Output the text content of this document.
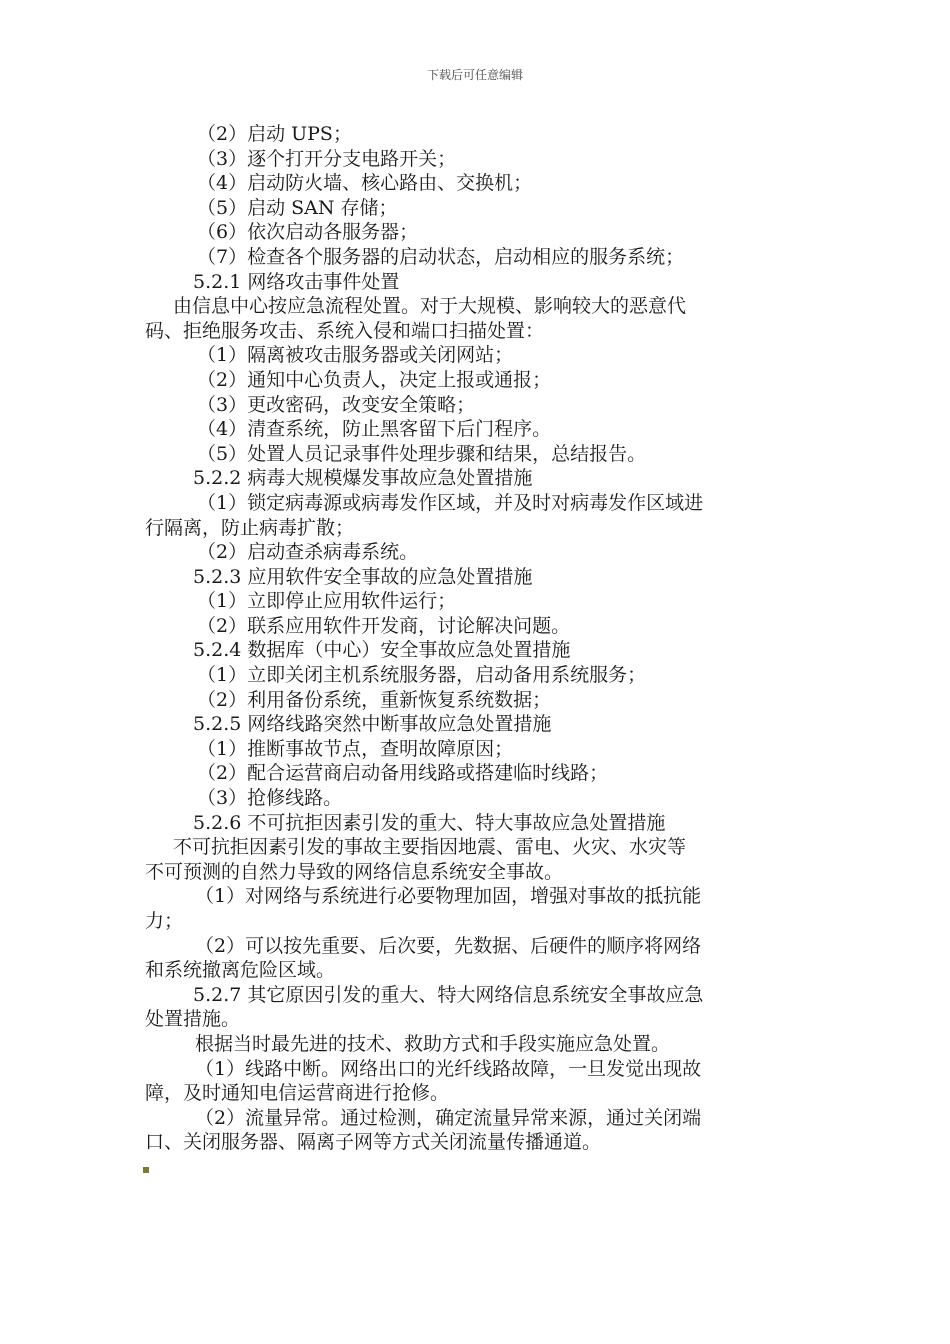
下载后可任意编辑
（2）启动 UPS；
（3）逐个打开分支电路开关；
（4）启动防火墙、核心路由、交换机；
（5）启动 SAN 存储；
（6）依次启动各服务器；
（7）检查各个服务器的启动状态，启动相应的服务系统；
5.2.1 网络攻击事件处置
由信息中心按应急流程处置。对于大规模、影响较大的恶意代
码、拒绝服务攻击、系统入侵和端口扫描处置：
（1）隔离被攻击服务器或关闭网站；
（2）通知中心负责人，决定上报或通报；
（3）更改密码，改变安全策略；
（4）清查系统，防止黑客留下后门程序。
（5）处置人员记录事件处理步骤和结果，总结报告。
5.2.2 病毒大规模爆发事故应急处置措施
（1）锁定病毒源或病毒发作区域，并及时对病毒发作区域进
行隔离，防止病毒扩散；
（2）启动查杀病毒系统。
5.2.3 应用软件安全事故的应急处置措施
（1）立即停止应用软件运行；
（2）联系应用软件开发商，讨论解决问题。
5.2.4 数据库（中心）安全事故应急处置措施
（1）立即关闭主机系统服务器，启动备用系统服务；
（2）利用备份系统，重新恢复系统数据；
5.2.5 网络线路突然中断事故应急处置措施
（1）推断事故节点，查明故障原因；
（2）配合运营商启动备用线路或搭建临时线路；
（3）抢修线路。
5.2.6 不可抗拒因素引发的重大、特大事故应急处置措施
不可抗拒因素引发的事故主要指因地震、雷电、火灾、水灾等
不可预测的自然力导致的网络信息系统安全事故。
（1）对网络与系统进行必要物理加固，增强对事故的抵抗能
力；
（2）可以按先重要、后次要，先数据、后硬件的顺序将网络
和系统撤离危险区域。
5.2.7 其它原因引发的重大、特大网络信息系统安全事故应急
处置措施。
根据当时最先进的技术、救助方式和手段实施应急处置。
（1）线路中断。网络出口的光纤线路故障，一旦发觉出现故
障，及时通知电信运营商进行抢修。
（2）流量异常。通过检测，确定流量异常来源，通过关闭端
口、关闭服务器、隔离子网等方式关闭流量传播通道。
